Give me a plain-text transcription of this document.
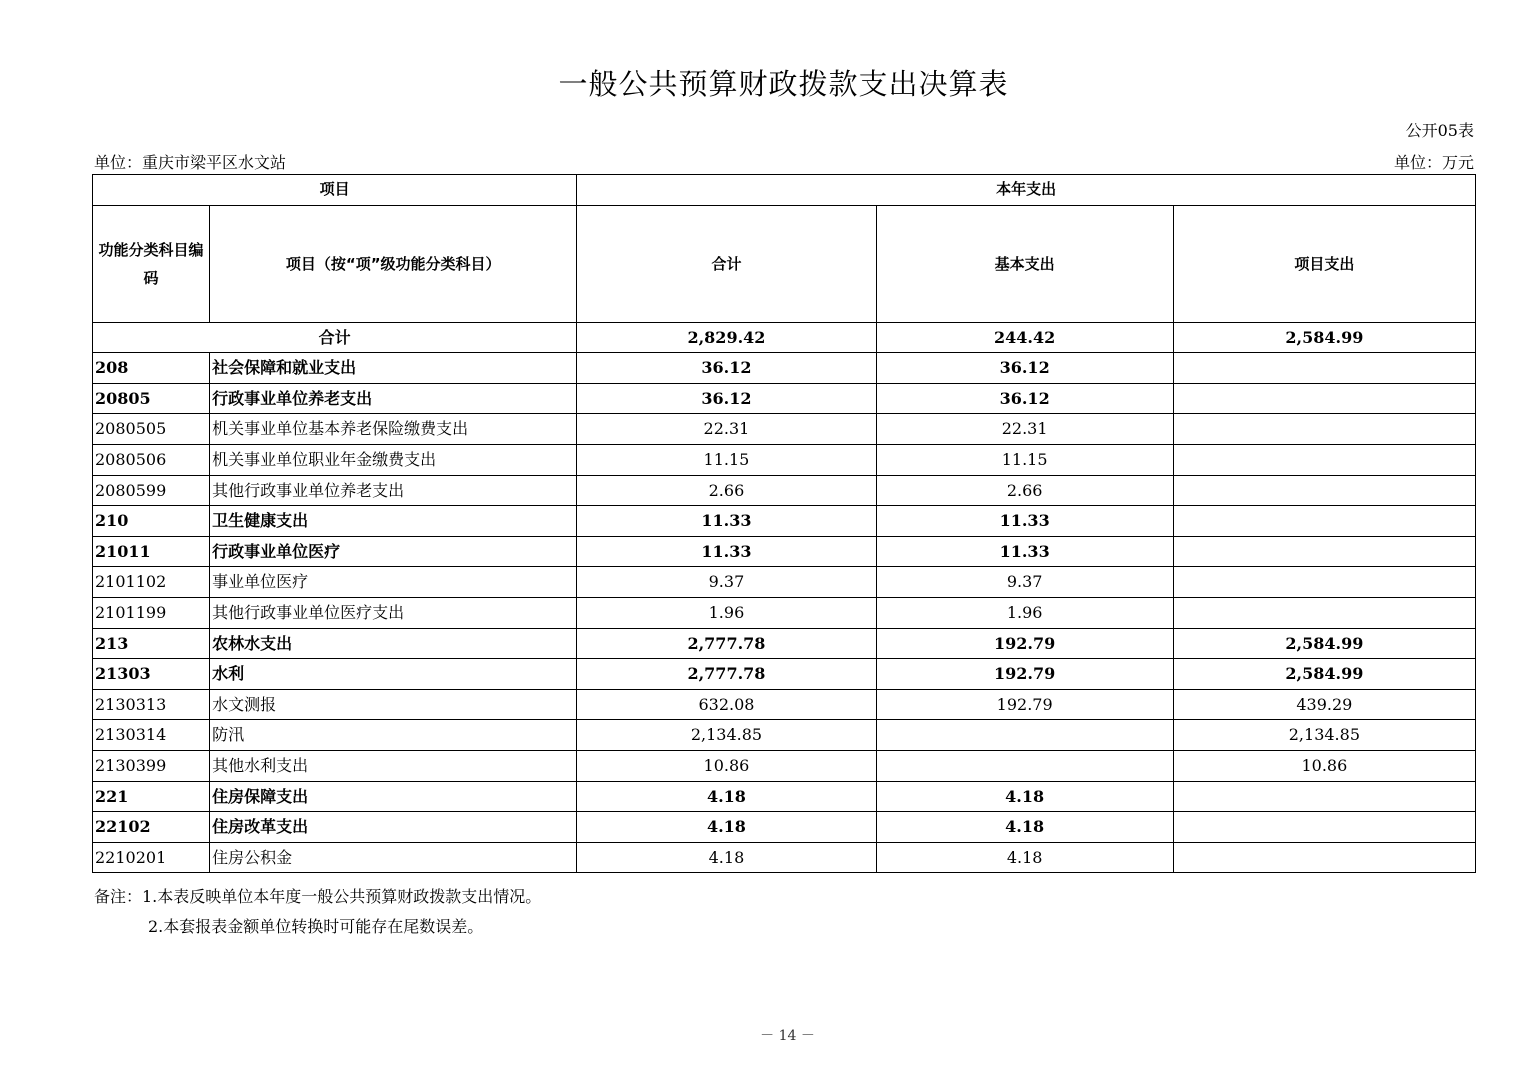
一般公共预算财政拨款支出决算表
公开05表
单位：重庆市梁平区水文站	单位：万元
项目		本年支出		
功能分类科目编码	项目（按“项”级功能分类科目）	合计	基本支出	项目支出
合计		2,829.42	244.42	2,584.99
208	社会保障和就业支出	36.12	36.12	
20805	行政事业单位养老支出	36.12	36.12	
2080505	机关事业单位基本养老保险缴费支出	22.31	22.31	
2080506	机关事业单位职业年金缴费支出	11.15	11.15	
2080599	其他行政事业单位养老支出	2.66	2.66	
210	卫生健康支出	11.33	11.33	
21011	行政事业单位医疗	11.33	11.33	
2101102	事业单位医疗	9.37	9.37	
2101199	其他行政事业单位医疗支出	1.96	1.96	
213	农林水支出	2,777.78	192.79	2,584.99
21303	水利	2,777.78	192.79	2,584.99
2130313	水文测报	632.08	192.79	439.29
2130314	防汛	2,134.85		2,134.85
2130399	其他水利支出	10.86		10.86
221	住房保障支出	4.18	4.18	
22102	住房改革支出	4.18	4.18	
2210201	住房公积金	4.18	4.18	
备注：1.本表反映单位本年度一般公共预算财政拨款支出情况。
2.本套报表金额单位转换时可能存在尾数误差。
－ 14 －
